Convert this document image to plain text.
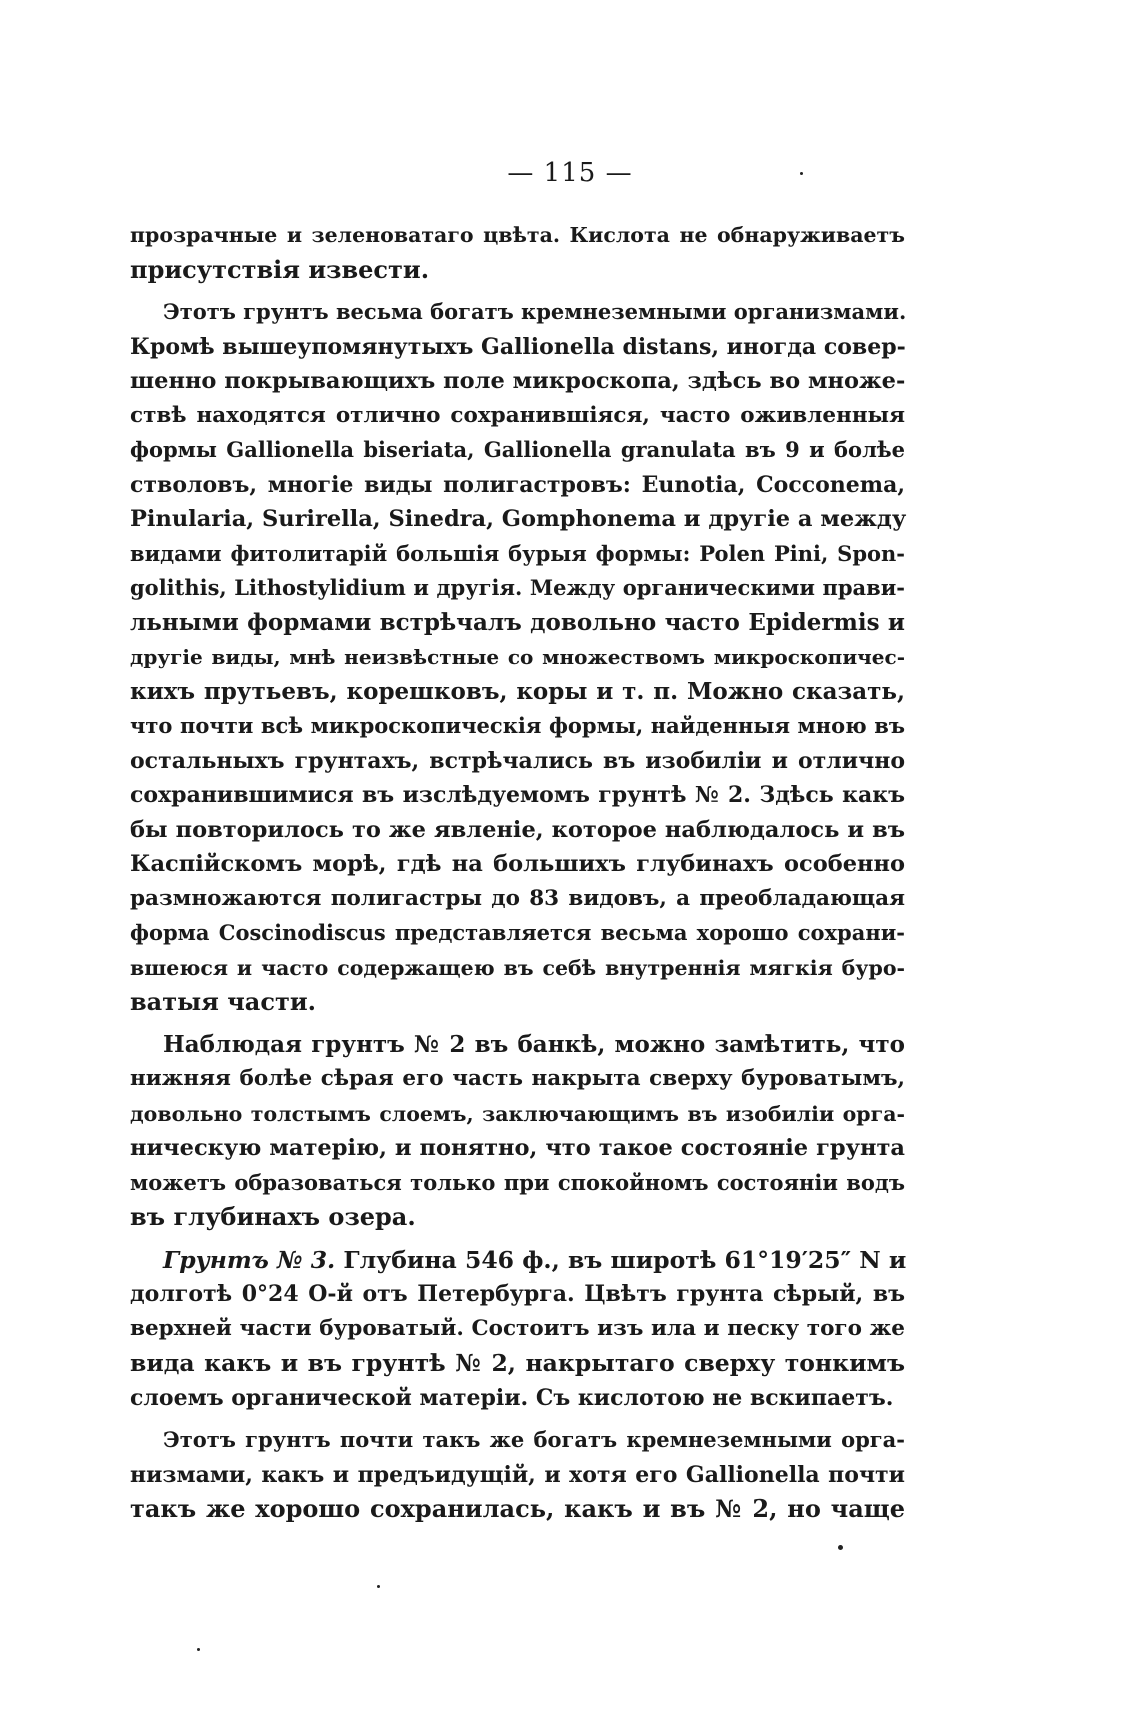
— 115 —
прозрачные и зеленоватаго цвѣта. Кислота не обнаруживаетъ
присутствія извести.
Этотъ грунтъ весьма богатъ кремнеземными организмами.
Кромѣ вышеупомянутыхъ Gallionella distans, иногда совер-
шенно покрывающихъ поле микроскопа, здѣсь во множе-
ствѣ находятся отлично сохранившіяся, часто оживленныя
формы Gallionella biseriata, Gallionella granulata въ 9 и болѣе
стволовъ, многіе виды полигастровъ: Eunotia, Cocconema,
Pinularia, Surirella, Sinedra, Gomphonema и другіе а между
видами фитолитарій большія бурыя формы: Polen Pini, Spon-
golithis, Lithostylidium и другія. Между органическими прави-
льными формами встрѣчалъ довольно часто Epidermis и
другіе виды, мнѣ неизвѣстные со множествомъ микроскопичес-
кихъ прутьевъ, корешковъ, коры и т. п. Можно сказать,
что почти всѣ микроскопическія формы, найденныя мною въ
остальныхъ грунтахъ, встрѣчались въ изобиліи и отлично
сохранившимися въ изслѣдуемомъ грунтѣ № 2. Здѣсь какъ
бы повторилось то же явленіе, которое наблюдалось и въ
Каспійскомъ морѣ, гдѣ на большихъ глубинахъ особенно
размножаются полигастры до 83 видовъ, а преобладающая
форма Coscinodiscus представляется весьма хорошо сохрани-
вшеюся и часто содержащею въ себѣ внутреннія мягкія буро-
ватыя части.
Наблюдая грунтъ № 2 въ банкѣ, можно замѣтить, что
нижняя болѣе сѣрая его часть накрыта сверху буроватымъ,
довольно толстымъ слоемъ, заключающимъ въ изобиліи орга-
ническую матерію, и понятно, что такое состояніе грунта
можетъ образоваться только при спокойномъ состояніи водъ
въ глубинахъ озера.
Грунтъ № 3. Глубина 546 ф., въ широтѣ 61°19′25″ N и
долготѣ 0°24 О-й отъ Петербурга. Цвѣтъ грунта сѣрый, въ
верхней части буроватый. Состоитъ изъ ила и песку того же
вида какъ и въ грунтѣ № 2, накрытаго сверху тонкимъ
слоемъ органической матеріи. Съ кислотою не вскипаетъ.
Этотъ грунтъ почти такъ же богатъ кремнеземными орга-
низмами, какъ и предъидущій, и хотя его Gallionella почти
такъ же хорошо сохранилась, какъ и въ № 2, но чаще
